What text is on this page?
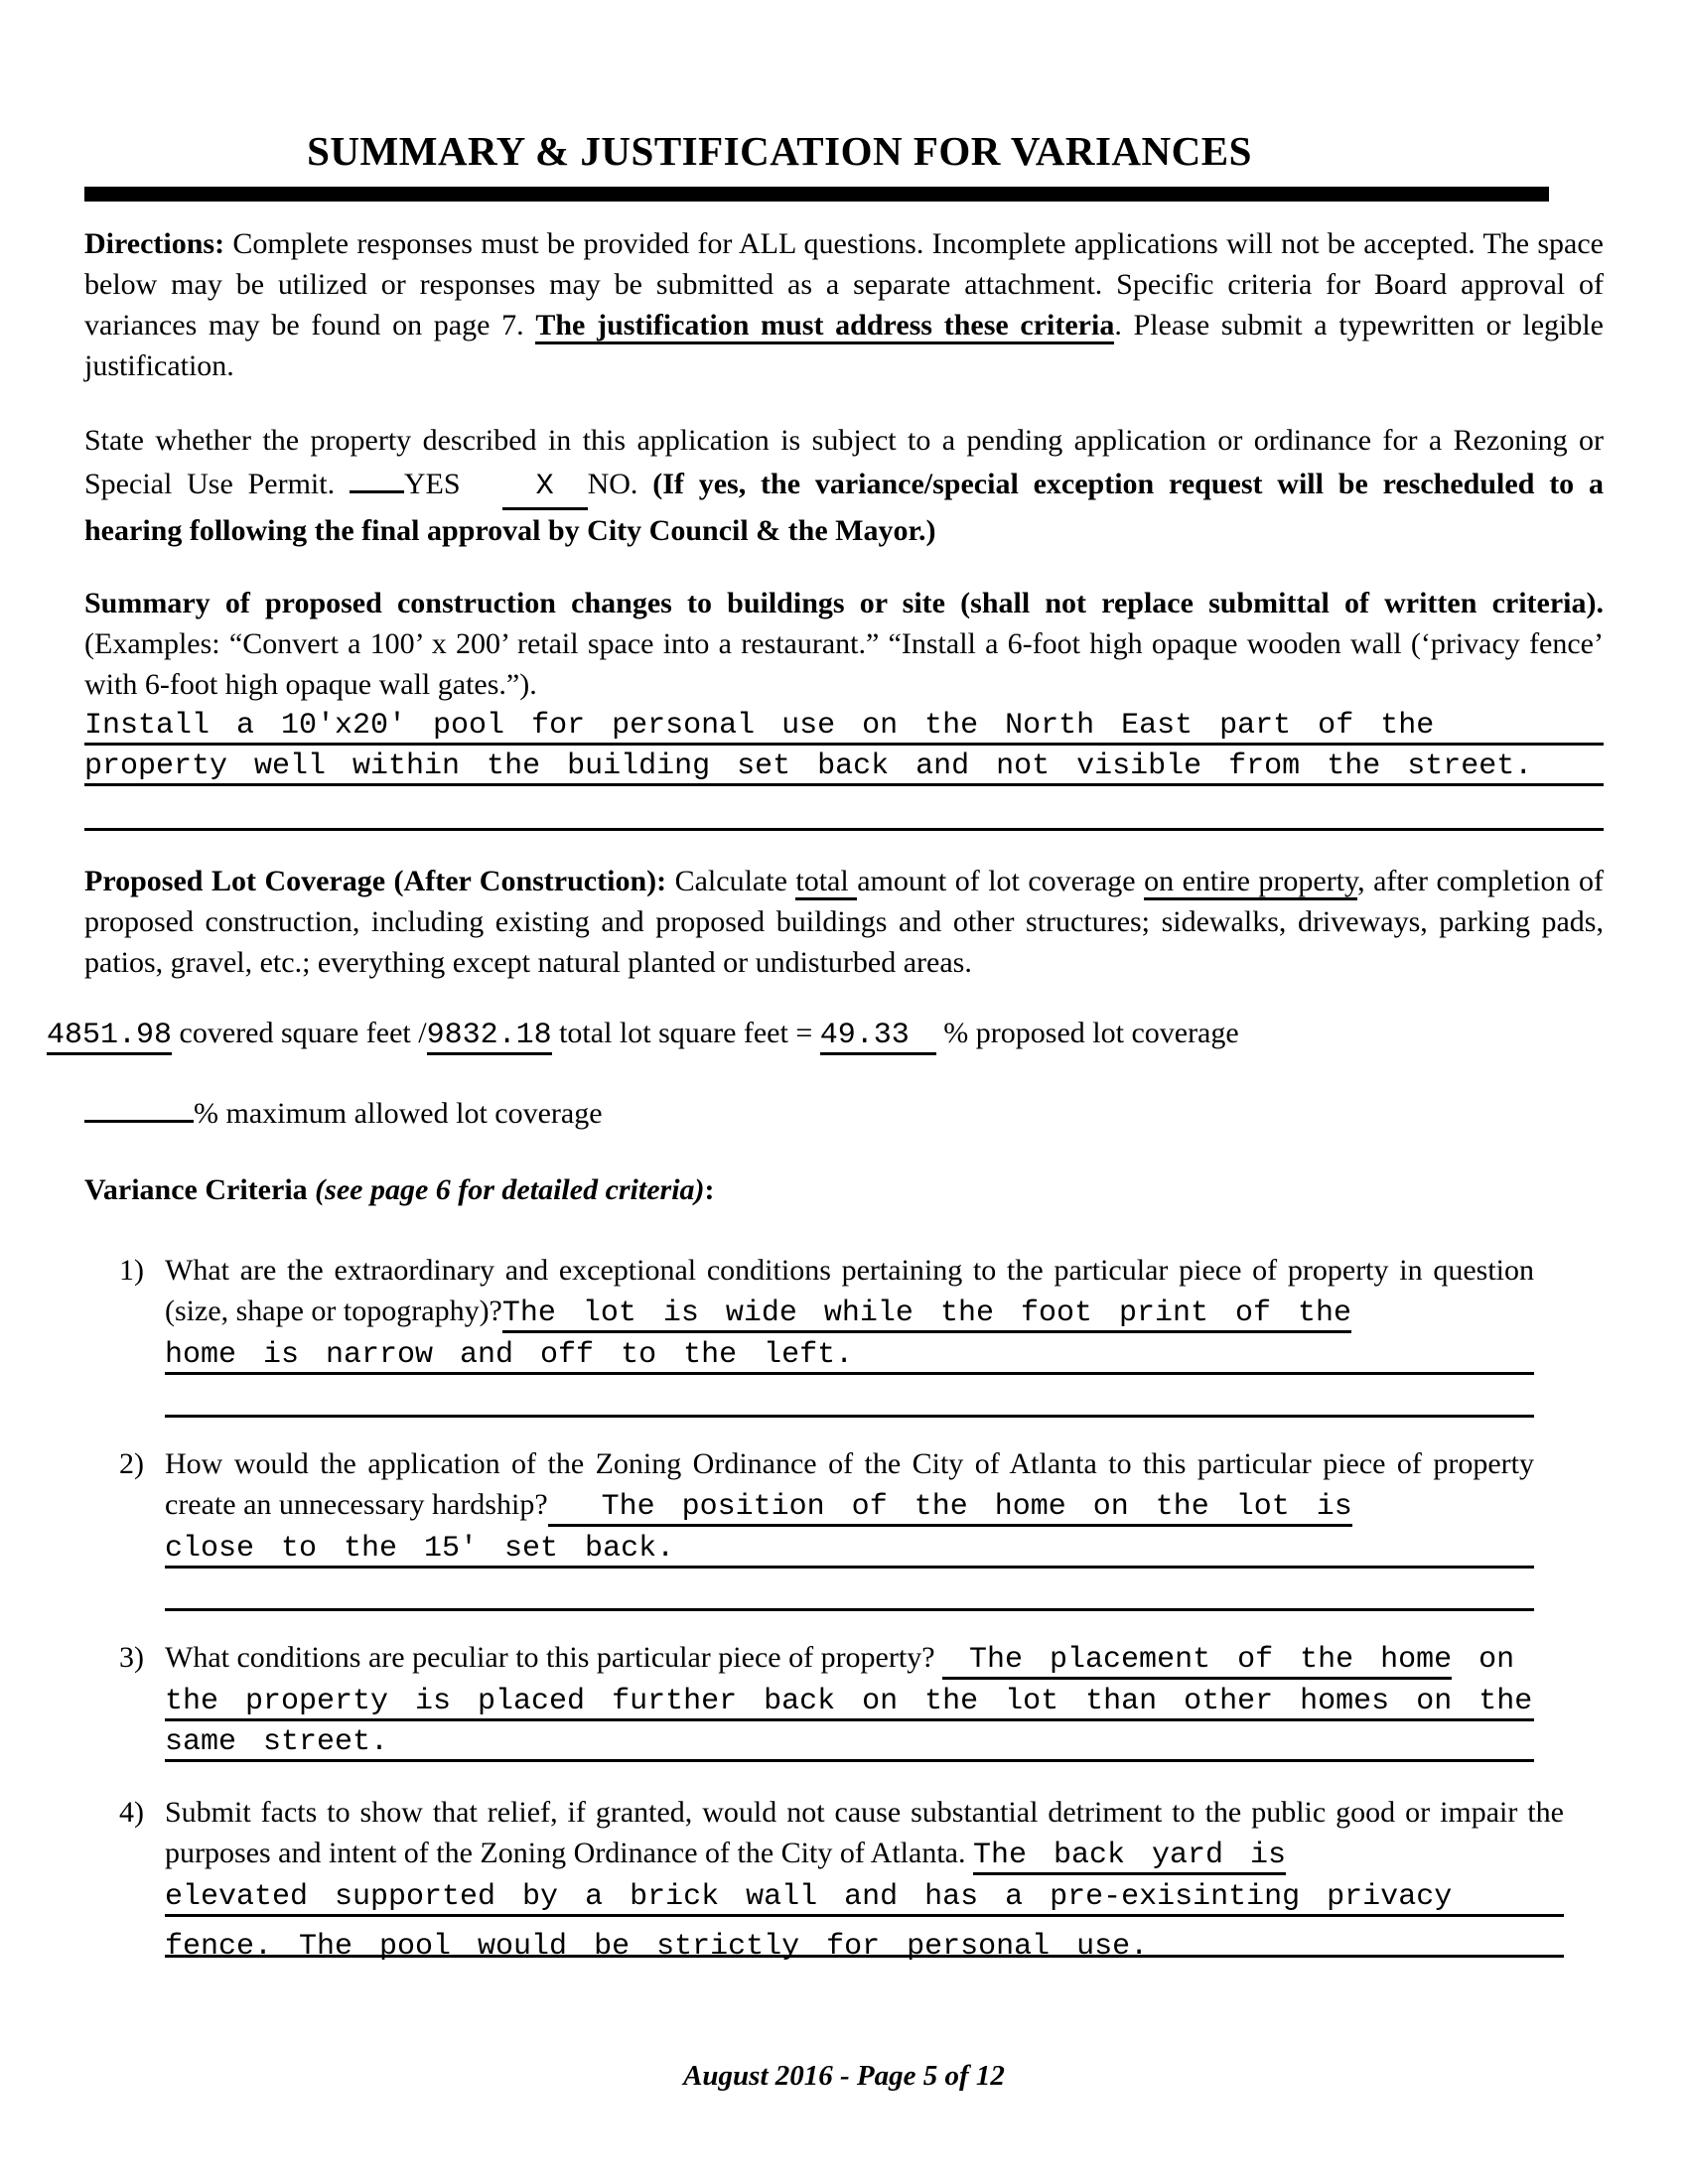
SUMMARY & JUSTIFICATION FOR VARIANCES

Directions: Complete responses must be provided for ALL questions. Incomplete applications will not be accepted. The space below may be utilized or responses may be submitted as a separate attachment. Specific criteria for Board approval of variances may be found on page 7. The justification must address these criteria. Please submit a typewritten or legible justification.

State whether the property described in this application is subject to a pending application or ordinance for a Rezoning or Special Use Permit. YES	X NO. (If yes, the variance/special exception request will be rescheduled to a hearing following the final approval by City Council & the Mayor.)

Summary of proposed construction changes to buildings or site (shall not replace submittal of written criteria). (Examples: “Convert a 100’ x 200’ retail space into a restaurant.” “Install a 6-foot high opaque wooden wall (‘privacy fence’ with 6-foot high opaque wall gates.”).

Install a 10'x20' pool for personal use on the North East part of the
property well within the building set back and not visible from the street.

Proposed Lot Coverage (After Construction): Calculate total amount of lot coverage on entire property, after completion of proposed construction, including existing and proposed buildings and other structures; sidewalks, driveways, parking pads, patios, gravel, etc.; everything except natural planted or undisturbed areas.

4851.98 covered square feet /9832.18 total lot square feet = 49.33  % proposed lot coverage
% maximum allowed lot coverage

Variance Criteria (see page 6 for detailed criteria):

1) What are the extraordinary and exceptional conditions pertaining to the particular piece of property in question (size, shape or topography)?The lot is wide while the foot print of the
home is narrow and off to the left.
2) How would the application of the Zoning Ordinance of the City of Atlanta to this particular piece of property create an unnecessary hardship?  The position of the home on the lot is
close to the 15' set back.
3) What conditions are peculiar to this particular piece of property?  The placement of the home on
the property is placed further back on the lot than other homes on the
same street.
4) Submit facts to show that relief, if granted, would not cause substantial detriment to the public good or impair the purposes and intent of the Zoning Ordinance of the City of Atlanta. The back yard is
elevated supported by a brick wall and has a pre-exisinting privacy
fence. The pool would be strictly for personal use.
August 2016 - Page 5 of 12
